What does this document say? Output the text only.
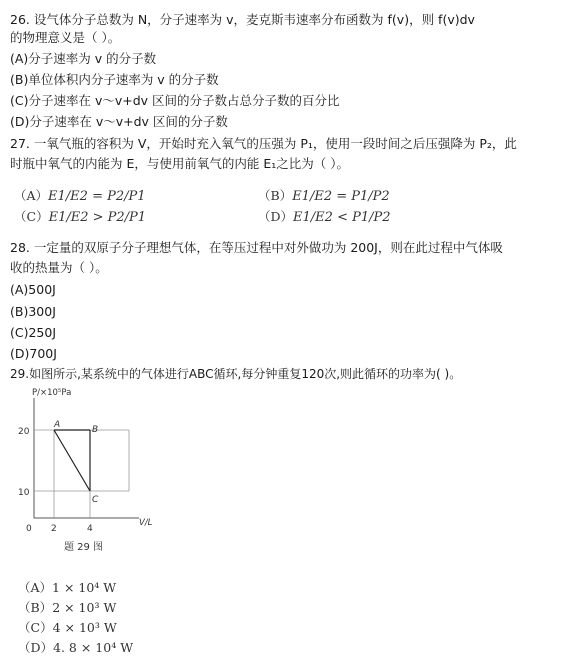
26. 设气体分子总数为 N，分子速率为 v，麦克斯韦速率分布函数为 f(v)，则 f(v)dv
的物理意义是（ ）。
(A)分子速率为 v 的分子数
(B)单位体积内分子速率为 v 的分子数
(C)分子速率在 v～v+dv 区间的分子数占总分子数的百分比
(D)分子速率在 v～v+dv 区间的分子数
27. 一氧气瓶的容积为 V，开始时充入氧气的压强为 P₁，使用一段时间之后压强降为 P₂，此
时瓶中氧气的内能为 E，与使用前氧气的内能 E₁之比为（ ）。
（A）E1/E2 = P2/P1	（B）E1/E2 = P1/P2
（C）E1/E2 > P2/P1	（D）E1/E2 < P1/P2
28. 一定量的双原子分子理想气体，在等压过程中对外做功为 200J，则在此过程中气体吸
收的热量为（ ）。
(A)500J
(B)300J
(C)250J
(D)700J
29.如图所示,某系统中的气体进行ABC循环,每分钟重复120次,则此循环的功率为( )。
P/×10⁵Pa
V/L
20
10
0 2	4
A	B
C
题 29 图
（A）1 × 10⁴ W
（B）2 × 10³ W
（C）4 × 10³ W
（D）4. 8 × 10⁴ W
